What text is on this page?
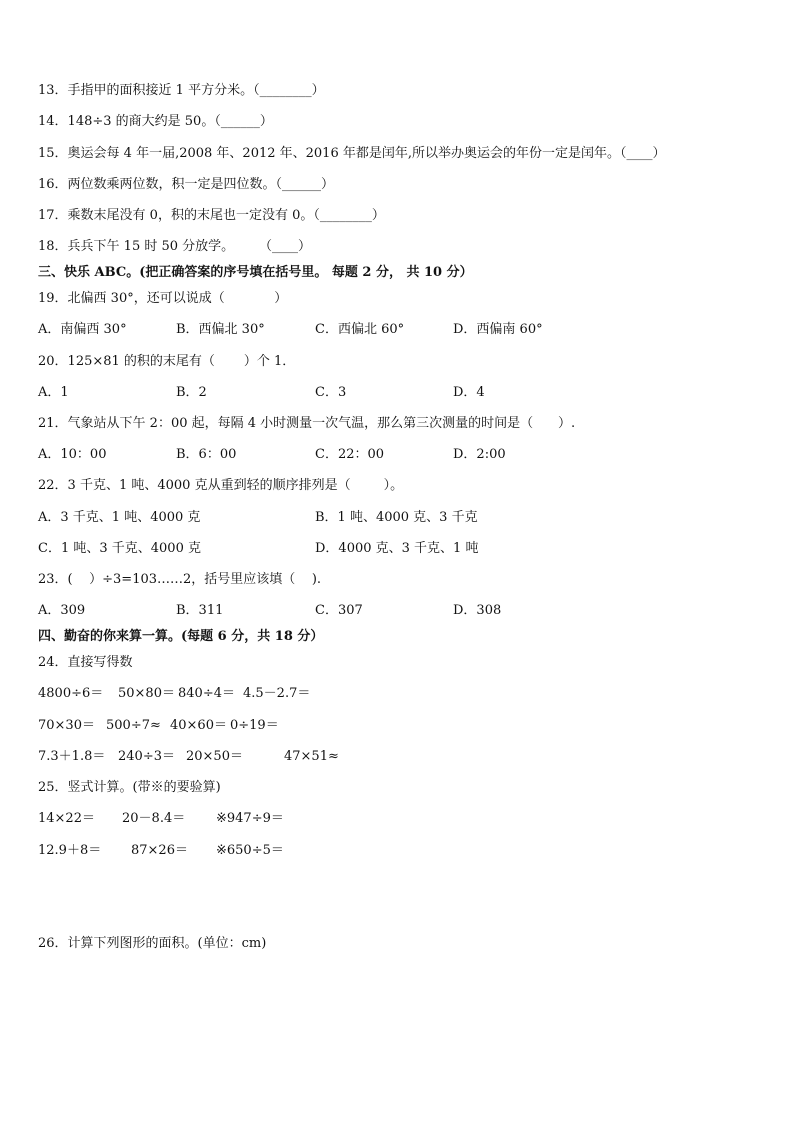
13．手指甲的面积接近 1 平方分米。（________）
14．148÷3 的商大约是 50。（______）
15．奥运会每 4 年一届,2008 年、2012 年、2016 年都是闰年,所以举办奥运会的年份一定是闰年。（____）
16．两位数乘两位数，积一定是四位数。（______）
17．乘数末尾没有 0，积的末尾也一定没有 0。（________）
18．兵兵下午 15 时 50 分放学。      （____）
三、快乐 ABC。(把正确答案的序号填在括号里。 每题 2 分， 共 10 分）
19．北偏西 30°，还可以说成（            ）
A．南偏西 30°	B．西偏北 30°	C．西偏北 60°	D．西偏南 60°
20．125×81 的积的末尾有（       ）个 1．
A．1	B．2	C．3	D．4
21．气象站从下午 2：00 起，每隔 4 小时测量一次气温，那么第三次测量的时间是（      ）.
A．10：00	B．6：00	C．22：00	D．2:00
22．3 千克、1 吨、4000 克从重到轻的顺序排列是（        ）。
A．3 千克、1 吨、4000 克	B．1 吨、4000 克、3 千克
C．1 吨、3 千克、4000 克	D．4000 克、3 千克、1 吨
23．(    ）÷3=103……2，括号里应该填（    ).
A．309	B．311	C．307	D．308
四、勤奋的你来算一算。(每题 6 分，共 18 分）
24．直接写得数
4800÷6＝ 50×80＝ 840÷4＝ 4.5－2.7＝
70×30＝ 500÷7≈ 40×60＝ 0÷19＝
7.3＋1.8＝ 240÷3＝ 20×50＝	47×51≈
25．竖式计算。(带※的要验算)
14×22＝ 20－8.4＝ ※947÷9＝
12.9＋8＝ 87×26＝ ※650÷5＝
26．计算下列图形的面积。(单位：cm)
